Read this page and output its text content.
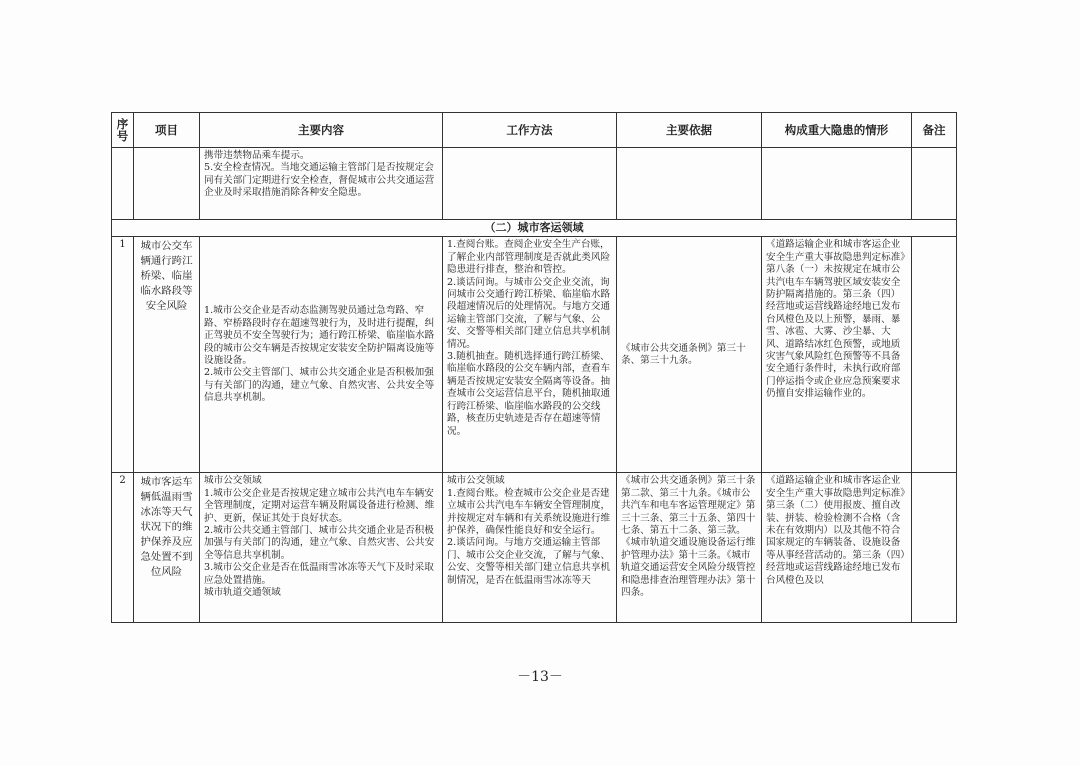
序号	项目	主要内容	工作方法	主要依据	构成重大隐患的情形	备注

		携带违禁物品乘车提示。
5.安全检查情况。当地交通运输主管部门是否按规定会同有关部门定期进行安全检查，督促城市公共交通运营企业及时采取措施消除各种安全隐患。				

（二）城市客运领域						
1	城市公交车辆通行跨江桥梁、临崖临水路段等安全风险	1.城市公交企业是否动态监测驾驶员通过急弯路、窄路、窄桥路段时存在超速驾驶行为，及时进行提醒，纠正驾驶员不安全驾驶行为；通行跨江桥梁、临崖临水路段的城市公交车辆是否按规定安装安全防护隔离设施等设施设备。
2.城市公交主管部门、城市公共交通企业是否积极加强与有关部门的沟通，建立气象、自然灾害、公共安全等信息共享机制。	1.查阅台账。查阅企业安全生产台账，了解企业内部管理制度是否就此类风险隐患进行排查，整治和管控。
2.谈话问询。与城市公交企业交流，询问城市公交通行跨江桥梁、临崖临水路段超速情况后的处理情况。与地方交通运输主管部门交流，了解与气象、公安、交警等相关部门建立信息共享机制情况。
3.随机抽查。随机选择通行跨江桥梁、临崖临水路段的公交车辆内部，查看车辆是否按规定安装安全隔离等设备。抽查城市公交运营信息平台，随机抽取通行跨江桥梁、临崖临水路段的公交线路，核查历史轨迹是否存在超速等情况。	《城市公共交通条例》第三十条、第三十九条。	《道路运输企业和城市客运企业安全生产重大事故隐患判定标准》第八条（一）未按规定在城市公共汽电车车辆驾驶区域安装安全防护隔离措施的。第三条（四）经营地或运营线路途经地已发布台风橙色及以上预警，暴雨、暴雪、冰雹、大雾、沙尘暴、大风、道路结冰红色预警，或地质灾害气象风险红色预警等不具备安全通行条件时，未执行政府部门停运指令或企业应急预案要求仍擅自安排运输作业的。	

2	城市客运车辆低温雨雪冰冻等天气状况下的维护保养及应急处置不到位风险	城市公交领域
1.城市公交企业是否按规定建立城市公共汽电车车辆安全管理制度，定期对运营车辆及附属设备进行检测、维护、更新，保证其处于良好状态。
2.城市公共交通主管部门、城市公共交通企业是否积极加强与有关部门的沟通，建立气象、自然灾害、公共安全等信息共享机制。
3.城市公交企业是否在低温雨雪冰冻等天气下及时采取应急处置措施。
城市轨道交通领域	城市公交领域
1.查阅台账。检查城市公交企业是否建立城市公共汽电车车辆安全管理制度，并按规定对车辆和有关系统设施进行维护保养，确保性能良好和安全运行。
2.谈话问询。与地方交通运输主管部门、城市公交企业交流，了解与气象、公安、交警等相关部门建立信息共享机制情况，是否在低温雨雪冰冻等天	《城市公共交通条例》第三十条第二款、第三十九条。《城市公共汽车和电车客运管理规定》第三十三条、第三十五条、第四十七条、第五十二条、第三款。《城市轨道交通设施设备运行维护管理办法》第十三条。《城市轨道交通运营安全风险分级管控和隐患排查治理管理办法》第十四条。	《道路运输企业和城市客运企业安全生产重大事故隐患判定标准》第三条（二）使用报废、擅自改装、拼装、检验检测不合格（含未在有效期内）以及其他不符合国家规定的车辆装备、设施设备等从事经营活动的。第三条（四）经营地或运营线路途经地已发布台风橙色及以	

－13－
